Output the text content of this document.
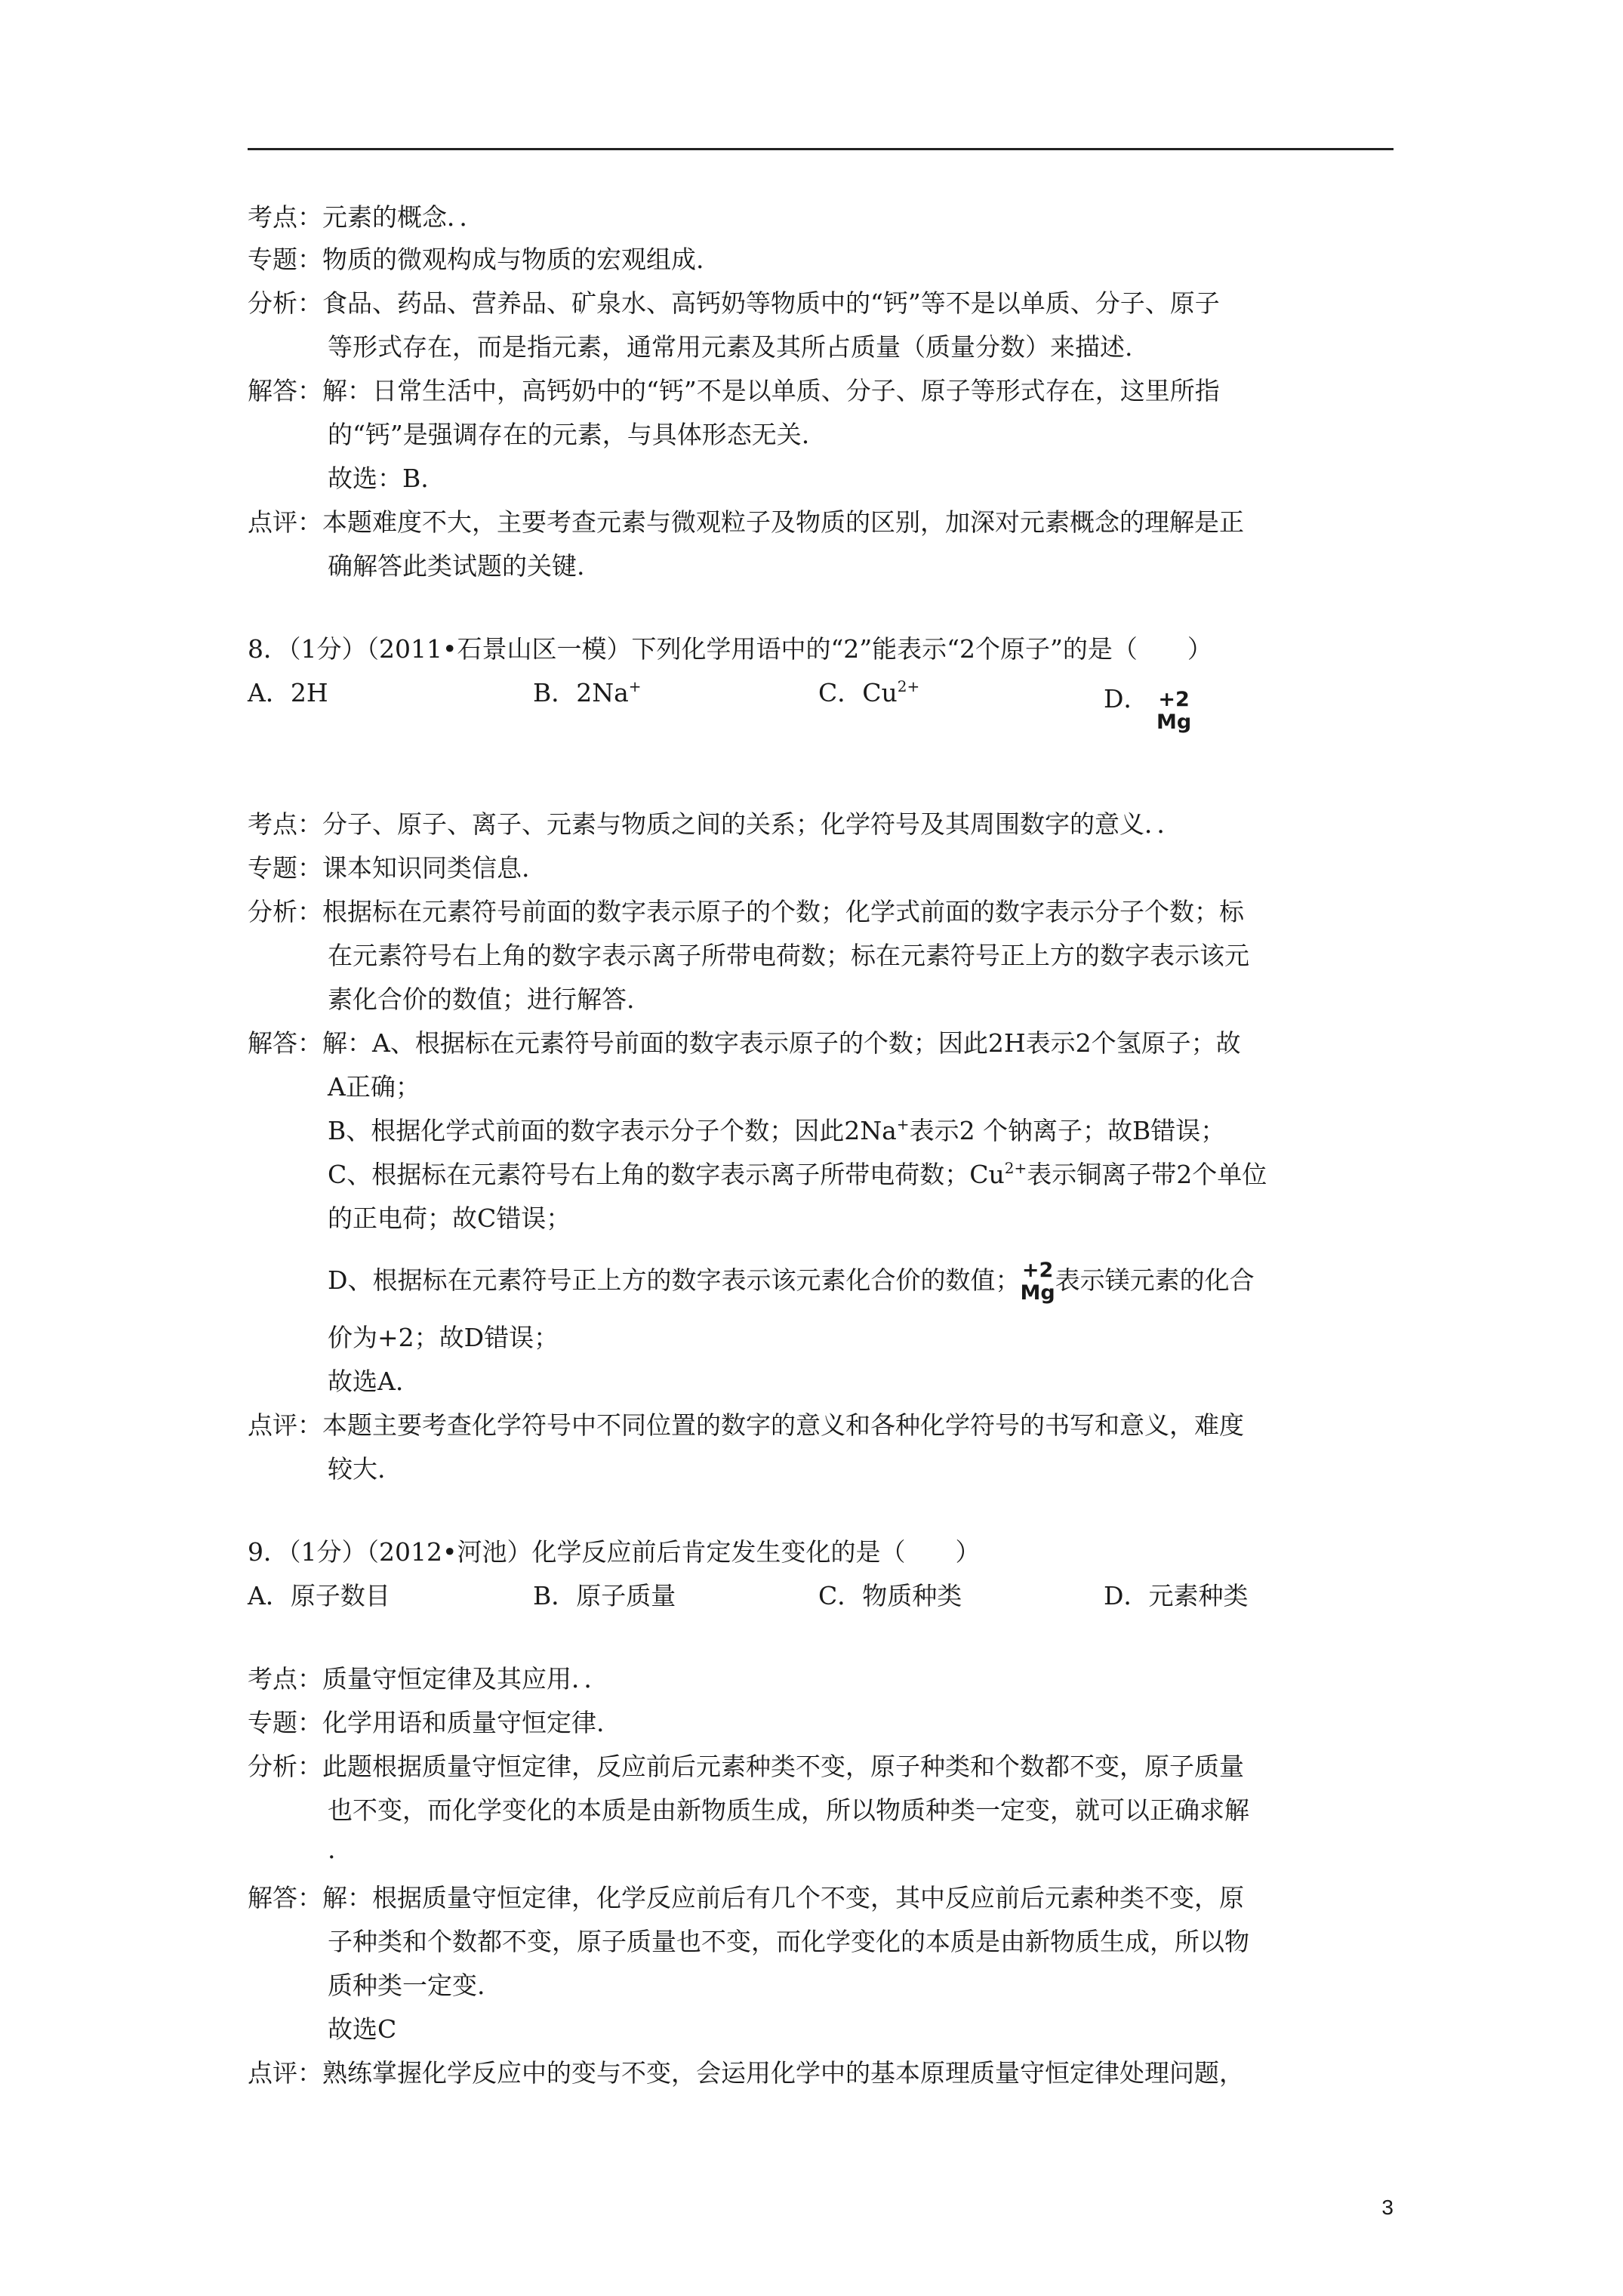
考点：元素的概念．．
专题：物质的微观构成与物质的宏观组成.
分析：食品、药品、营养品、矿泉水、高钙奶等物质中的“钙”等不是以单质、分子、原子
等形式存在，而是指元素，通常用元素及其所占质量（质量分数）来描述.
解答：解：日常生活中，高钙奶中的“钙”不是以单质、分子、原子等形式存在，这里所指
的“钙”是强调存在的元素，与具体形态无关.
故选：B.
点评：本题难度不大，主要考查元素与微观粒子及物质的区别，加深对元素概念的理解是正
确解答此类试题的关键.
8．（1分）（2011•石景山区一模）下列化学用语中的“2”能表示“2个原子”的是（　　）
A．2H	B．2Na+	C．$Cu^{2+}$	D． +2
Mg
考点：分子、原子、离子、元素与物质之间的关系；化学符号及其周围数字的意义．．
专题：课本知识同类信息.
分析：根据标在元素符号前面的数字表示原子的个数；化学式前面的数字表示分子个数；标
在元素符号右上角的数字表示离子所带电荷数；标在元素符号正上方的数字表示该元
素化合价的数值；进行解答.
解答：解：A、根据标在元素符号前面的数字表示原子的个数；因此2H表示2个氢原子；故
A正确；
B、根据化学式前面的数字表示分子个数；因此2Na+表示2 个钠离子；故B错误；
C、根据标在元素符号右上角的数字表示离子所带电荷数；$Cu^{2+}$表示铜离子带2个单位
的正电荷；故C错误；
D、根据标在元素符号正上方的数字表示该元素化合价的数值； +2
Mg 表示镁元素的化合
价为+2；故D错误；
故选A.
点评：本题主要考查化学符号中不同位置的数字的意义和各种化学符号的书写和意义，难度
较大.
9．（1分）（2012•河池）化学反应前后肯定发生变化的是（　　）
A．原子数目	B．原子质量	C．物质种类	D．元素种类
考点：质量守恒定律及其应用．．
专题：化学用语和质量守恒定律.
分析：此题根据质量守恒定律，反应前后元素种类不变，原子种类和个数都不变，原子质量
也不变，而化学变化的本质是由新物质生成，所以物质种类一定变，就可以正确求解
.
解答：解：根据质量守恒定律，化学反应前后有几个不变，其中反应前后元素种类不变，原
子种类和个数都不变，原子质量也不变，而化学变化的本质是由新物质生成，所以物
质种类一定变.
故选C
点评：熟练掌握化学反应中的变与不变，会运用化学中的基本原理质量守恒定律处理问题，
3
